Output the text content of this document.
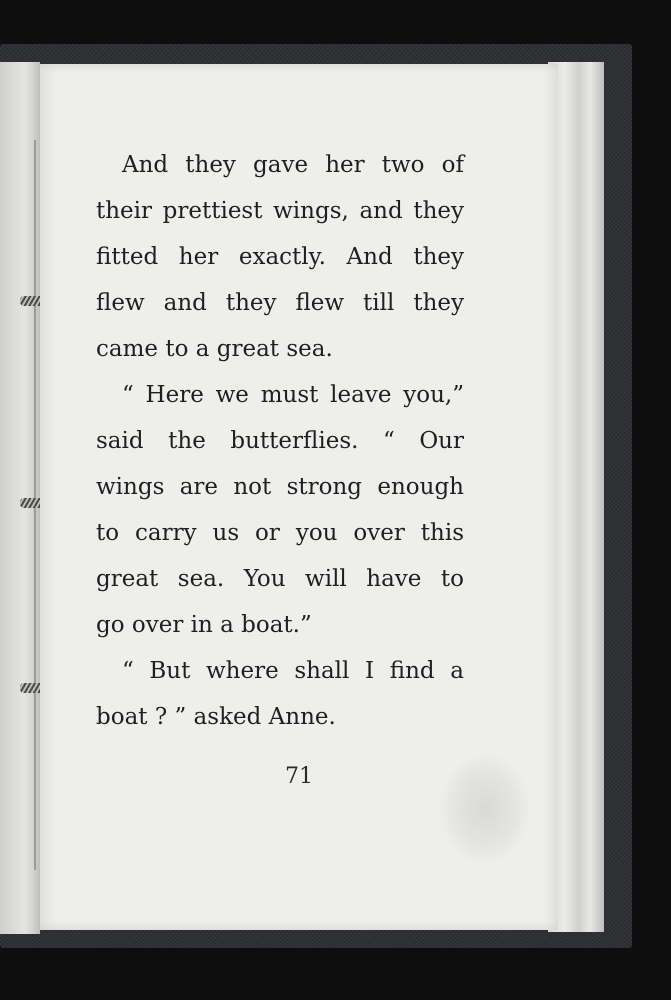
And they gave her two of
their prettiest wings, and they
fitted her exactly. And they
flew and they flew till they
came to a great sea.
“ Here we must leave you,”
said the butterflies. “ Our
wings are not strong enough
to carry us or you over this
great sea. You will have to
go over in a boat.”
“ But where shall I find a
boat ? ” asked Anne.
71
